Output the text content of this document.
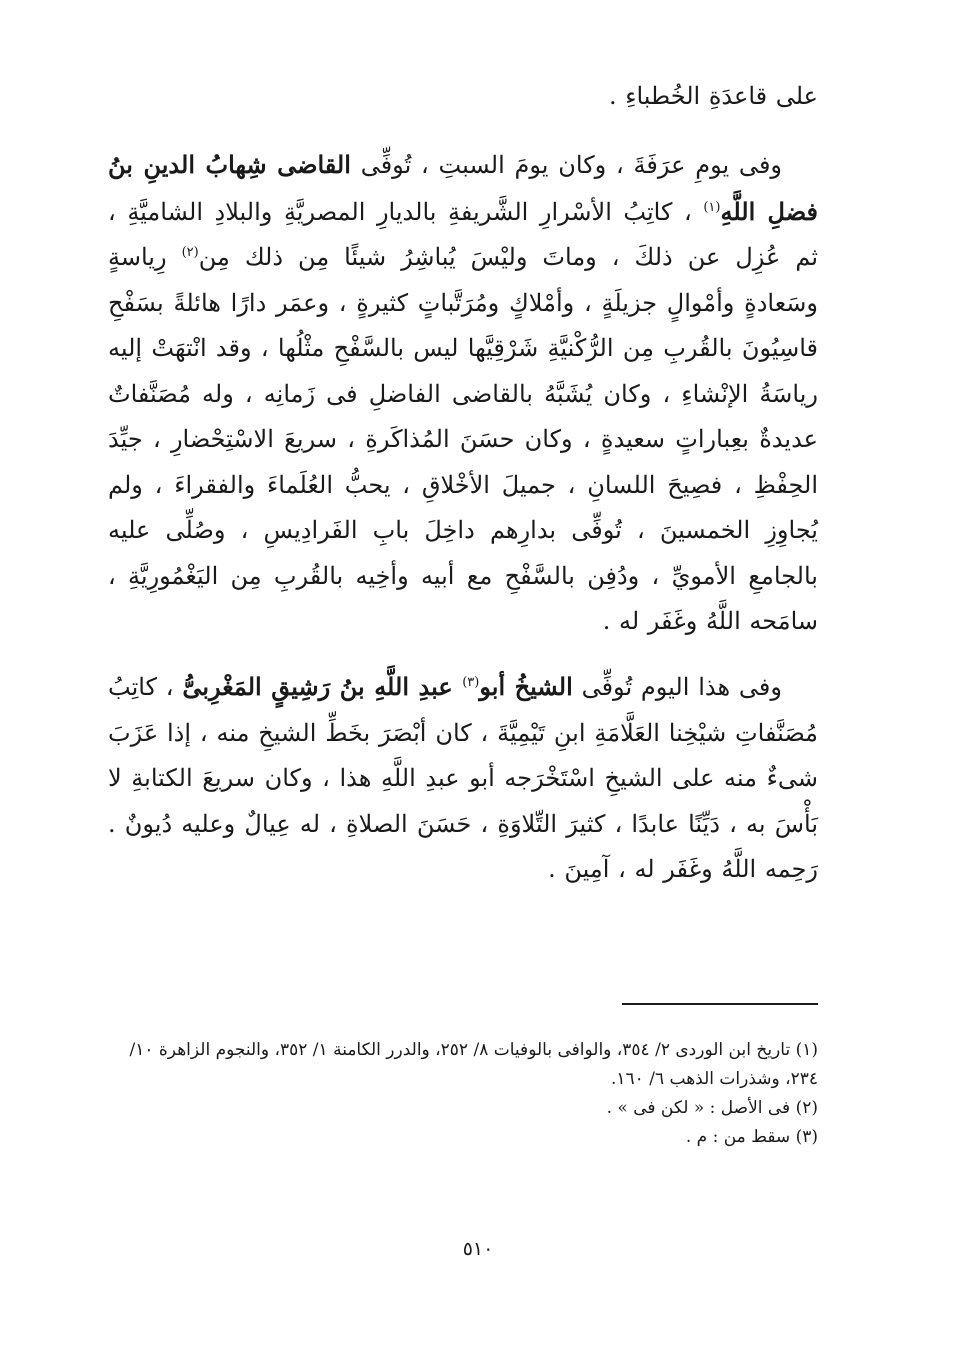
على قاعدَةِ الخُطباءِ .
وفى يومِ عرَفَةَ ، وكان يومَ السبتِ ، تُوفِّى القاضى شِهابُ الدينِ بنُ فضلِ اللَّهِ$^{(١)}$ ، كاتِبُ الأسْرارِ الشَّريفةِ بالديارِ المصريَّةِ والبلادِ الشاميَّةِ ، ثم عُزِل عن ذلكَ ، وماتَ وليْسَ يُباشِرُ شيئًا مِن ذلك مِن$^{(٢)}$ رِياسةٍ وسَعادةٍ وأمْوالٍ جزيلَةٍ ، وأمْلاكٍ ومُرَتَّباتٍ كثيرةٍ ، وعمَر دارًا هائلةً بسَفْحِ قاسِيُونَ بالقُربِ مِن الرُّكْنيَّةِ شَرْقِيَّها ليس بالسَّفْحِ مثْلُها ، وقد انْتهَتْ إليه رياسَةُ الإنْشاءِ ، وكان يُشَبَّهُ بالقاضى الفاضلِ فى زَمانِه ، وله مُصَنَّفاتٌ عديدةٌ بعِباراتٍ سعيدةٍ ، وكان حسَنَ المُذاكَرةِ ، سريعَ الاسْتِحْضارِ ، جيِّدَ الحِفْظِ ، فصِيحَ اللسانِ ، جميلَ الأخْلاقِ ، يحبُّ العُلَماءَ والفقراءَ ، ولم يُجاوِزِ الخمسينَ ، تُوفِّى بدارِهم داخِلَ بابِ الفَرادِيسِ ، وصُلِّى عليه بالجامعِ الأمويِّ ، ودُفِن بالسَّفْحِ مع أبيه وأخِيه بالقُربِ مِن اليَغْمُورِيَّةِ ، سامَحه اللَّهُ وغَفَر له .
وفى هذا اليوم تُوفِّى الشيخُ أبو$^{(٣)}$ عبدِ اللَّهِ بنُ رَشِيقٍ المَغْرِبىُّ ، كاتِبُ مُصَنَّفاتِ شيْخِنا العَلَّامَةِ ابنِ تَيْمِيَّةَ ، كان أبْصَرَ بخَطِّ الشيخِ منه ، إذا عَزَبَ شىءٌ منه على الشيخِ اسْتَخْرَجه أبو عبدِ اللَّهِ هذا ، وكان سريعَ الكتابةِ لا بَأْسَ به ، دَيِّنًا عابدًا ، كثيرَ التِّلاوَةِ ، حَسَنَ الصلاةِ ، له عِيالٌ وعليه دُيونٌ . رَحِمه اللَّهُ وغَفَر له ، آمِينَ .

(١) تاريخ ابن الوردى ٢/ ٣٥٤، والوافى بالوفيات ٨/ ٢٥٢، والدرر الكامنة ١/ ٣٥٢، والنجوم الزاهرة ١٠/ ٢٣٤، وشذرات الذهب ٦/ ١٦٠.

(٢) فى الأصل : « لكن فى » .

(٣) سقط من : م .

٥١٠
